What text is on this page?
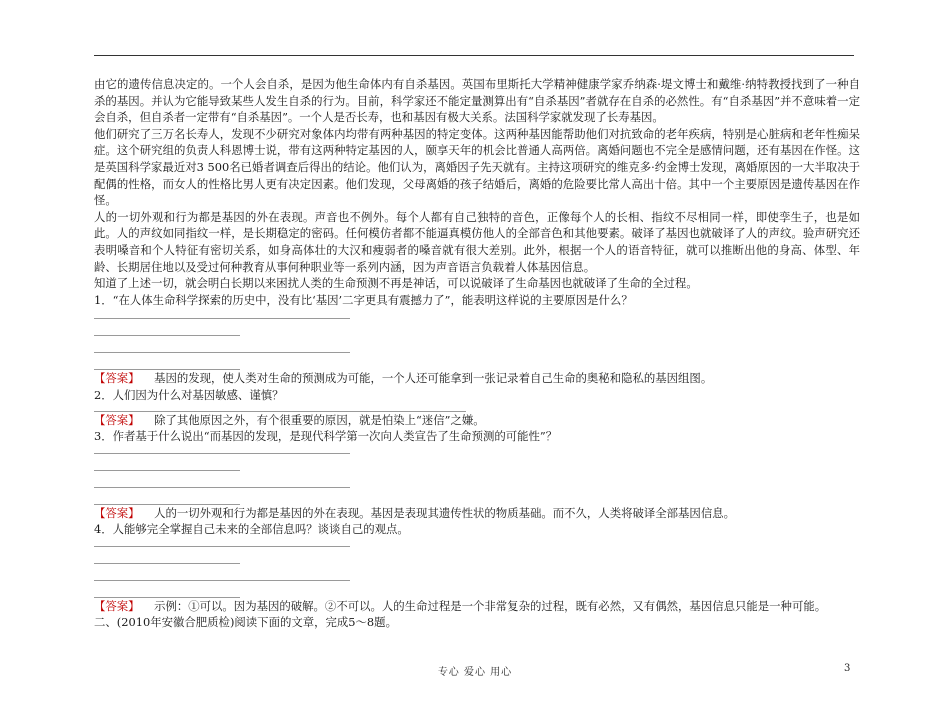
由它的遗传信息决定的。一个人会自杀，是因为他生命体内有自杀基因。英国布里斯托大学精神健康学家乔纳森·堤文博士和戴维·纳特教授找到了一种自杀的基因。并认为它能导致某些人发生自杀的行为。目前，科学家还不能定量测算出有“自杀基因”者就存在自杀的必然性。有“自杀基因”并不意味着一定会自杀，但自杀者一定带有“自杀基因”。一个人是否长寿，也和基因有极大关系。法国科学家就发现了长寿基因。

他们研究了三万名长寿人，发现不少研究对象体内均带有两种基因的特定变体。这两种基因能帮助他们对抗致命的老年疾病，特别是心脏病和老年性痴呆症。这个研究组的负责人科恩博士说，带有这两种特定基因的人，颐享天年的机会比普通人高两倍。离婚问题也不完全是感情问题，还有基因在作怪。这是英国科学家最近对3 500名已婚者调查后得出的结论。他们认为，离婚因子先天就有。主持这项研究的维克多·约金博士发现，离婚原因的一大半取决于配偶的性格，而女人的性格比男人更有决定因素。他们发现，父母离婚的孩子结婚后，离婚的危险要比常人高出十倍。其中一个主要原因是遗传基因在作怪。

人的一切外观和行为都是基因的外在表现。声音也不例外。每个人都有自己独特的音色，正像每个人的长相、指纹不尽相同一样，即使孪生子，也是如此。人的声纹如同指纹一样，是长期稳定的密码。任何模仿者都不能逼真模仿他人的全部音色和其他要素。破译了基因也就破译了人的声纹。验声研究还表明嗓音和个人特征有密切关系，如身高体壮的大汉和瘦弱者的嗓音就有很大差别。此外，根据一个人的语音特征，就可以推断出他的身高、体型、年龄、长期居住地以及受过何种教育从事何种职业等一系列内涵，因为声音语言负载着人体基因信息。

知道了上述一切，就会明白长期以来困扰人类的生命预测不再是神话，可以说破译了生命基因也就破译了生命的全过程。

1．“在人体生命科学探索的历史中，没有比‘基因’二字更具有震撼力了”，能表明这样说的主要原因是什么？

【答案】 基因的发现，使人类对生命的预测成为可能，一个人还可能拿到一张记录着自己生命的奥秘和隐私的基因组图。

2．人们因为什么对基因敏感、谨慎？

【答案】 除了其他原因之外，有个很重要的原因，就是怕染上“迷信”之嫌。

3．作者基于什么说出“而基因的发现，是现代科学第一次向人类宣告了生命预测的可能性”？

【答案】 人的一切外观和行为都是基因的外在表现。基因是表现其遗传性状的物质基础。而不久，人类将破译全部基因信息。

4．人能够完全掌握自己未来的全部信息吗？谈谈自己的观点。

【答案】 示例：①可以。因为基因的破解。②不可以。人的生命过程是一个非常复杂的过程，既有必然，又有偶然，基因信息只能是一种可能。

二、(2010年安徽合肥质检)阅读下面的文章，完成5～8题。

专心 爱心 用心	3
